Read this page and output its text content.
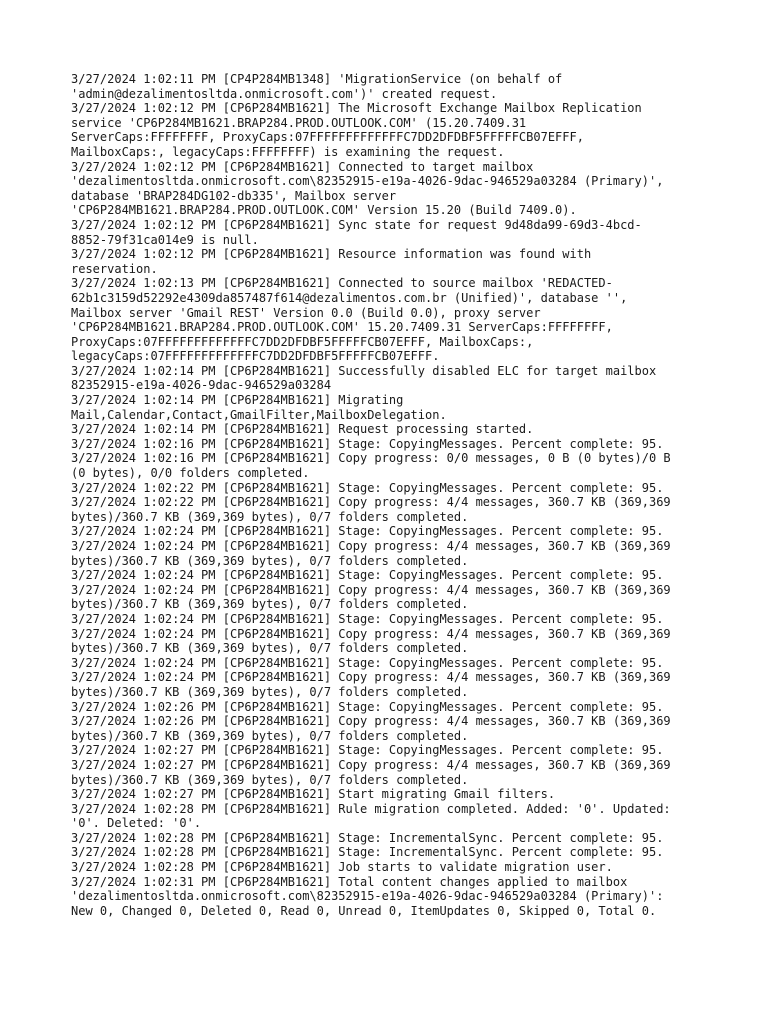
3/27/2024 1:02:11 PM [CP4P284MB1348] 'MigrationService (on behalf of
'admin@dezalimentosltda.onmicrosoft.com')' created request.
3/27/2024 1:02:12 PM [CP6P284MB1621] The Microsoft Exchange Mailbox Replication
service 'CP6P284MB1621.BRAP284.PROD.OUTLOOK.COM' (15.20.7409.31
ServerCaps:FFFFFFFF, ProxyCaps:07FFFFFFFFFFFFFC7DD2DFDBF5FFFFFCB07EFFF,
MailboxCaps:, legacyCaps:FFFFFFFF) is examining the request.
3/27/2024 1:02:12 PM [CP6P284MB1621] Connected to target mailbox
'dezalimentosltda.onmicrosoft.com\82352915-e19a-4026-9dac-946529a03284 (Primary)',
database 'BRAP284DG102-db335', Mailbox server
'CP6P284MB1621.BRAP284.PROD.OUTLOOK.COM' Version 15.20 (Build 7409.0).
3/27/2024 1:02:12 PM [CP6P284MB1621] Sync state for request 9d48da99-69d3-4bcd-
8852-79f31ca014e9 is null.
3/27/2024 1:02:12 PM [CP6P284MB1621] Resource information was found with
reservation.
3/27/2024 1:02:13 PM [CP6P284MB1621] Connected to source mailbox 'REDACTED-
62b1c3159d52292e4309da857487f614@dezalimentos.com.br (Unified)', database '',
Mailbox server 'Gmail REST' Version 0.0 (Build 0.0), proxy server
'CP6P284MB1621.BRAP284.PROD.OUTLOOK.COM' 15.20.7409.31 ServerCaps:FFFFFFFF,
ProxyCaps:07FFFFFFFFFFFFFC7DD2DFDBF5FFFFFCB07EFFF, MailboxCaps:,
legacyCaps:07FFFFFFFFFFFFFC7DD2DFDBF5FFFFFCB07EFFF.
3/27/2024 1:02:14 PM [CP6P284MB1621] Successfully disabled ELC for target mailbox
82352915-e19a-4026-9dac-946529a03284
3/27/2024 1:02:14 PM [CP6P284MB1621] Migrating
Mail,Calendar,Contact,GmailFilter,MailboxDelegation.
3/27/2024 1:02:14 PM [CP6P284MB1621] Request processing started.
3/27/2024 1:02:16 PM [CP6P284MB1621] Stage: CopyingMessages. Percent complete: 95.
3/27/2024 1:02:16 PM [CP6P284MB1621] Copy progress: 0/0 messages, 0 B (0 bytes)/0 B
(0 bytes), 0/0 folders completed.
3/27/2024 1:02:22 PM [CP6P284MB1621] Stage: CopyingMessages. Percent complete: 95.
3/27/2024 1:02:22 PM [CP6P284MB1621] Copy progress: 4/4 messages, 360.7 KB (369,369
bytes)/360.7 KB (369,369 bytes), 0/7 folders completed.
3/27/2024 1:02:24 PM [CP6P284MB1621] Stage: CopyingMessages. Percent complete: 95.
3/27/2024 1:02:24 PM [CP6P284MB1621] Copy progress: 4/4 messages, 360.7 KB (369,369
bytes)/360.7 KB (369,369 bytes), 0/7 folders completed.
3/27/2024 1:02:24 PM [CP6P284MB1621] Stage: CopyingMessages. Percent complete: 95.
3/27/2024 1:02:24 PM [CP6P284MB1621] Copy progress: 4/4 messages, 360.7 KB (369,369
bytes)/360.7 KB (369,369 bytes), 0/7 folders completed.
3/27/2024 1:02:24 PM [CP6P284MB1621] Stage: CopyingMessages. Percent complete: 95.
3/27/2024 1:02:24 PM [CP6P284MB1621] Copy progress: 4/4 messages, 360.7 KB (369,369
bytes)/360.7 KB (369,369 bytes), 0/7 folders completed.
3/27/2024 1:02:24 PM [CP6P284MB1621] Stage: CopyingMessages. Percent complete: 95.
3/27/2024 1:02:24 PM [CP6P284MB1621] Copy progress: 4/4 messages, 360.7 KB (369,369
bytes)/360.7 KB (369,369 bytes), 0/7 folders completed.
3/27/2024 1:02:26 PM [CP6P284MB1621] Stage: CopyingMessages. Percent complete: 95.
3/27/2024 1:02:26 PM [CP6P284MB1621] Copy progress: 4/4 messages, 360.7 KB (369,369
bytes)/360.7 KB (369,369 bytes), 0/7 folders completed.
3/27/2024 1:02:27 PM [CP6P284MB1621] Stage: CopyingMessages. Percent complete: 95.
3/27/2024 1:02:27 PM [CP6P284MB1621] Copy progress: 4/4 messages, 360.7 KB (369,369
bytes)/360.7 KB (369,369 bytes), 0/7 folders completed.
3/27/2024 1:02:27 PM [CP6P284MB1621] Start migrating Gmail filters.
3/27/2024 1:02:28 PM [CP6P284MB1621] Rule migration completed. Added: '0'. Updated:
'0'. Deleted: '0'.
3/27/2024 1:02:28 PM [CP6P284MB1621] Stage: IncrementalSync. Percent complete: 95.
3/27/2024 1:02:28 PM [CP6P284MB1621] Stage: IncrementalSync. Percent complete: 95.
3/27/2024 1:02:28 PM [CP6P284MB1621] Job starts to validate migration user.
3/27/2024 1:02:31 PM [CP6P284MB1621] Total content changes applied to mailbox
'dezalimentosltda.onmicrosoft.com\82352915-e19a-4026-9dac-946529a03284 (Primary)':
New 0, Changed 0, Deleted 0, Read 0, Unread 0, ItemUpdates 0, Skipped 0, Total 0.
